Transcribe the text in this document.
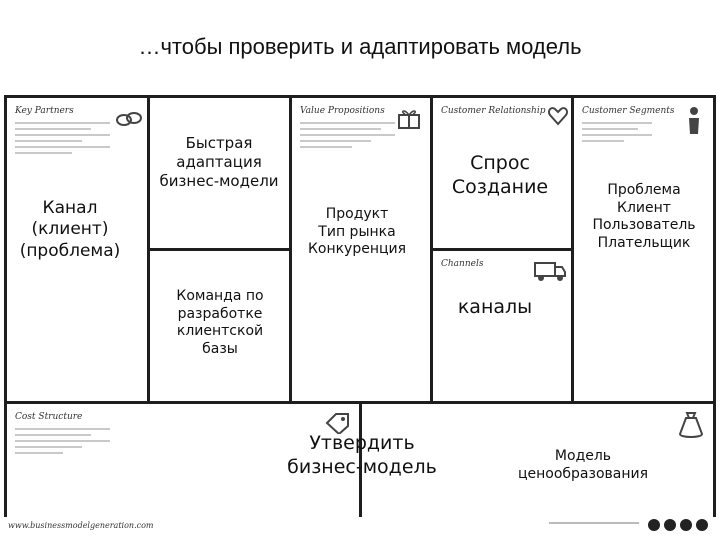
…чтобы проверить и адаптировать модель
Key Partners	Value Propositions	Customer Relationship
Channels
Customer Segments
Cost Structure
Канал
(клиент)
(проблема)
Быстрая
адаптация
бизнес-модели
Команда по
разработке
клиентской
базы
Продукт
Тип рынка
Конкуренция
Спрос
Создание	Проблема
Клиент
Пользователь
Плательщик
каналы
Утвердить
бизнес-модель	Модель
ценообразования
www.businessmodelgeneration.com
